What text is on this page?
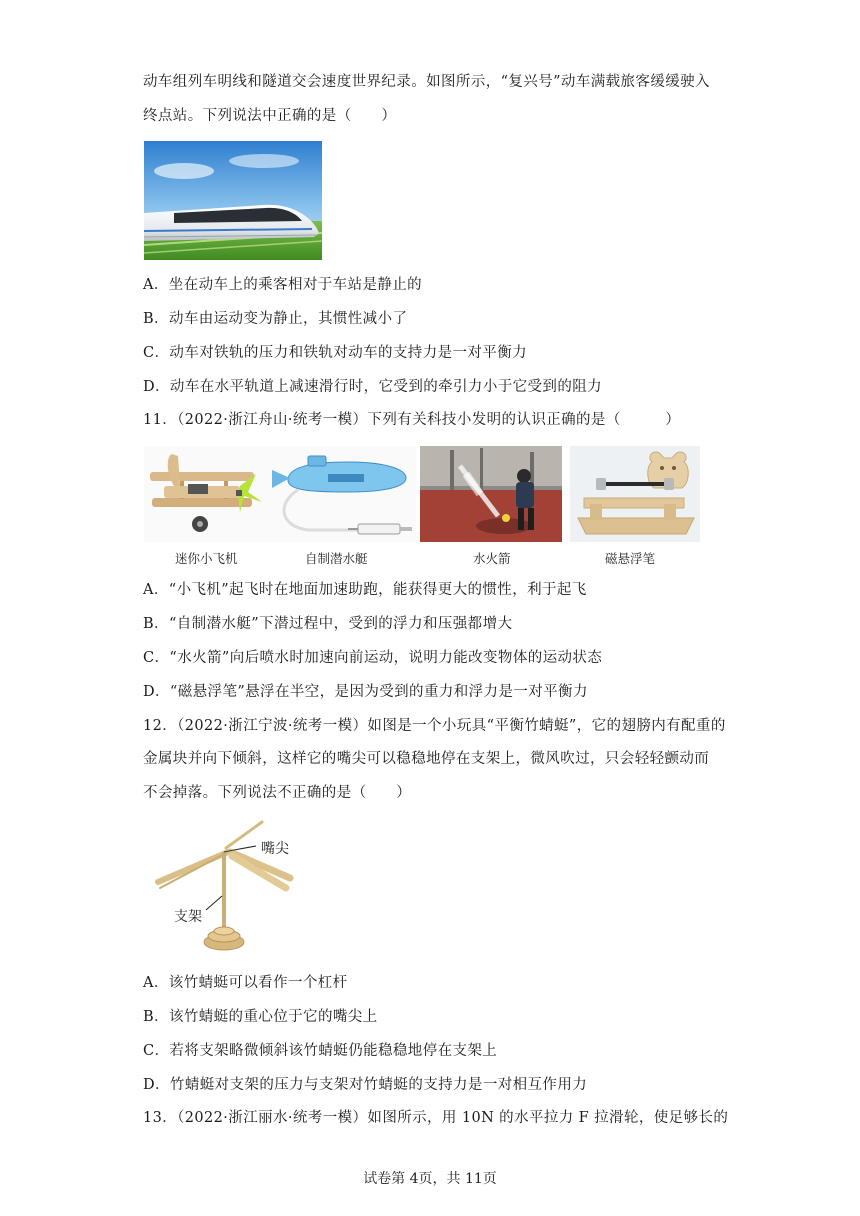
动车组列车明线和隧道交会速度世界纪录。如图所示，“复兴号”动车满载旅客缓缓驶入
终点站。下列说法中正确的是（　　）
A．坐在动车上的乘客相对于车站是静止的
B．动车由运动变为静止，其惯性减小了
C．动车对铁轨的压力和铁轨对动车的支持力是一对平衡力
D．动车在水平轨道上减速滑行时，它受到的牵引力小于它受到的阻力
11．（2022·浙江舟山·统考一模）下列有关科技小发明的认识正确的是（　　　）
迷你小飞机	自制潜水艇	水火箭	磁悬浮笔
A．“小飞机”起飞时在地面加速助跑，能获得更大的惯性，利于起飞
B．“自制潜水艇”下潜过程中，受到的浮力和压强都增大
C．“水火箭”向后喷水时加速向前运动，说明力能改变物体的运动状态
D．“磁悬浮笔”悬浮在半空，是因为受到的重力和浮力是一对平衡力
12．（2022·浙江宁波·统考一模）如图是一个小玩具“平衡竹蜻蜓”，它的翅膀内有配重的
金属块并向下倾斜，这样它的嘴尖可以稳稳地停在支架上，微风吹过，只会轻轻颤动而
不会掉落。下列说法不正确的是（　　）
嘴尖
支架
A．该竹蜻蜓可以看作一个杠杆
B．该竹蜻蜓的重心位于它的嘴尖上
C．若将支架略微倾斜该竹蜻蜓仍能稳稳地停在支架上
D．竹蜻蜓对支架的压力与支架对竹蜻蜓的支持力是一对相互作用力
13．（2022·浙江丽水·统考一模）如图所示，用 10N 的水平拉力 F 拉滑轮，使足够长的
试卷第 4页，共 11页
